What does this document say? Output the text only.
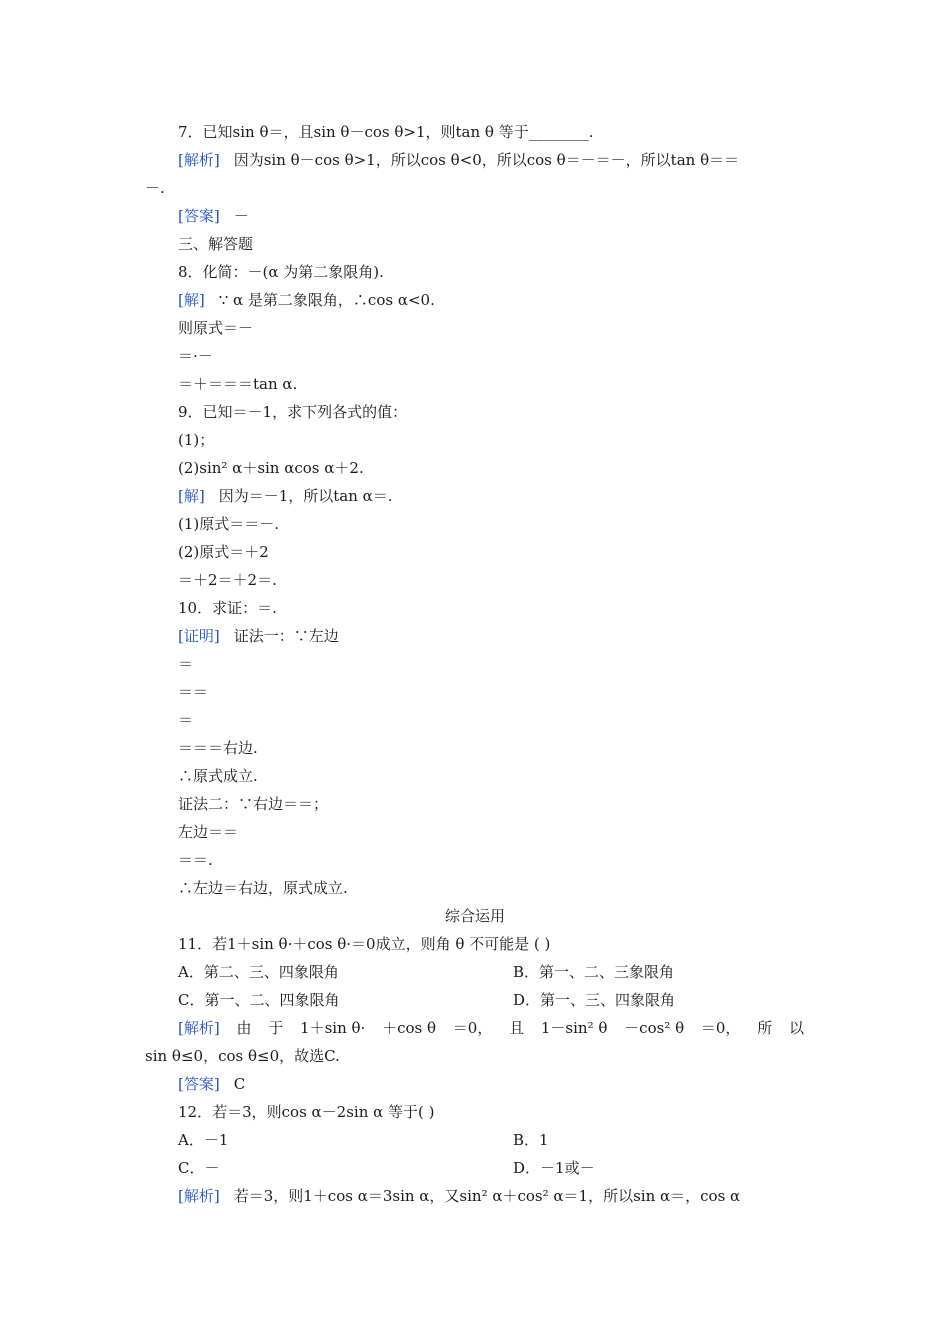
7．已知sin θ＝，且sin θ－cos θ>1，则tan θ 等于________.
[解析] 因为sin θ－cos θ>1，所以cos θ<0，所以cos θ＝－＝－，所以tan θ＝＝
－.
[答案] －
三、解答题
8．化简：－(α 为第二象限角).
[解] ∵ α 是第二象限角，∴cos α<0.
则原式＝－
＝·－
＝＋＝＝＝tan α.
9．已知＝－1，求下列各式的值：
(1)；
(2)sin² α＋sin αcos α＋2.
[解] 因为＝－1，所以tan α＝.
(1)原式＝＝－.
(2)原式＝＋2
＝＋2＝＋2＝.
10．求证：＝.
[证明] 证法一：∵左边
＝
＝＝
＝
＝＝＝右边.
∴原式成立.
证法二：∵右边＝＝；
左边＝＝
＝＝.
∴左边＝右边，原式成立.
综合运用
11．若1＋sin θ·＋cos θ·＝0成立，则角 θ 不可能是 ( )
A．第二、三、四象限角	B．第一、二、三象限角
C．第一、二、四象限角	D．第一、三、四象限角
[解析] 由 于 1＋sin θ· ＋cos θ ＝0， 且 1－sin² θ －cos² θ ＝0， 所 以
sin θ≤0，cos θ≤0，故选C.
[答案] C
12．若＝3，则cos α－2sin α 等于( )
A．－1	B．1
C．－	D．－1或－
[解析] 若＝3，则1＋cos α＝3sin α，又sin² α＋cos² α＝1，所以sin α＝，cos α
